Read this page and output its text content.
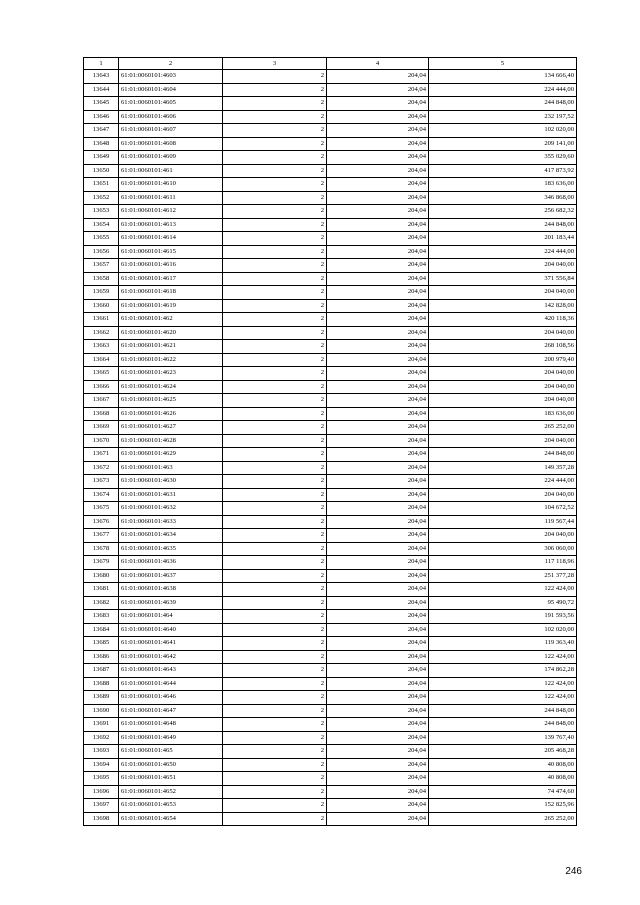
1	2	3	4	5
13643	61:01:0060101:4603	2	204,04	134 666,40
13644	61:01:0060101:4604	2	204,04	224 444,00
13645	61:01:0060101:4605	2	204,04	244 848,00
13646	61:01:0060101:4606	2	204,04	232 197,52
13647	61:01:0060101:4607	2	204,04	102 020,00
13648	61:01:0060101:4608	2	204,04	209 141,00
13649	61:01:0060101:4609	2	204,04	355 029,60
13650	61:01:0060101:461	2	204,04	417 873,92
13651	61:01:0060101:4610	2	204,04	183 636,00
13652	61:01:0060101:4611	2	204,04	346 868,00
13653	61:01:0060101:4612	2	204,04	256 682,32
13654	61:01:0060101:4613	2	204,04	244 848,00
13655	61:01:0060101:4614	2	204,04	201 183,44
13656	61:01:0060101:4615	2	204,04	224 444,00
13657	61:01:0060101:4616	2	204,04	204 040,00
13658	61:01:0060101:4617	2	204,04	371 556,84
13659	61:01:0060101:4618	2	204,04	204 040,00
13660	61:01:0060101:4619	2	204,04	142 828,00
13661	61:01:0060101:462	2	204,04	420 118,36
13662	61:01:0060101:4620	2	204,04	204 040,00
13663	61:01:0060101:4621	2	204,04	268 108,56
13664	61:01:0060101:4622	2	204,04	200 979,40
13665	61:01:0060101:4623	2	204,04	204 040,00
13666	61:01:0060101:4624	2	204,04	204 040,00
13667	61:01:0060101:4625	2	204,04	204 040,00
13668	61:01:0060101:4626	2	204,04	183 636,00
13669	61:01:0060101:4627	2	204,04	265 252,00
13670	61:01:0060101:4628	2	204,04	204 040,00
13671	61:01:0060101:4629	2	204,04	244 848,00
13672	61:01:0060101:463	2	204,04	149 357,28
13673	61:01:0060101:4630	2	204,04	224 444,00
13674	61:01:0060101:4631	2	204,04	204 040,00
13675	61:01:0060101:4632	2	204,04	104 672,52
13676	61:01:0060101:4633	2	204,04	119 567,44
13677	61:01:0060101:4634	2	204,04	204 040,00
13678	61:01:0060101:4635	2	204,04	306 060,00
13679	61:01:0060101:4636	2	204,04	117 118,96
13680	61:01:0060101:4637	2	204,04	251 377,28
13681	61:01:0060101:4638	2	204,04	122 424,00
13682	61:01:0060101:4639	2	204,04	95 490,72
13683	61:01:0060101:464	2	204,04	191 593,56
13684	61:01:0060101:4640	2	204,04	102 020,00
13685	61:01:0060101:4641	2	204,04	119 363,40
13686	61:01:0060101:4642	2	204,04	122 424,00
13687	61:01:0060101:4643	2	204,04	174 862,28
13688	61:01:0060101:4644	2	204,04	122 424,00
13689	61:01:0060101:4646	2	204,04	122 424,00
13690	61:01:0060101:4647	2	204,04	244 848,00
13691	61:01:0060101:4648	2	204,04	244 848,00
13692	61:01:0060101:4649	2	204,04	139 767,40
13693	61:01:0060101:465	2	204,04	205 468,28
13694	61:01:0060101:4650	2	204,04	40 808,00
13695	61:01:0060101:4651	2	204,04	40 808,00
13696	61:01:0060101:4652	2	204,04	74 474,60
13697	61:01:0060101:4653	2	204,04	152 825,96
13698	61:01:0060101:4654	2	204,04	265 252,00
246
